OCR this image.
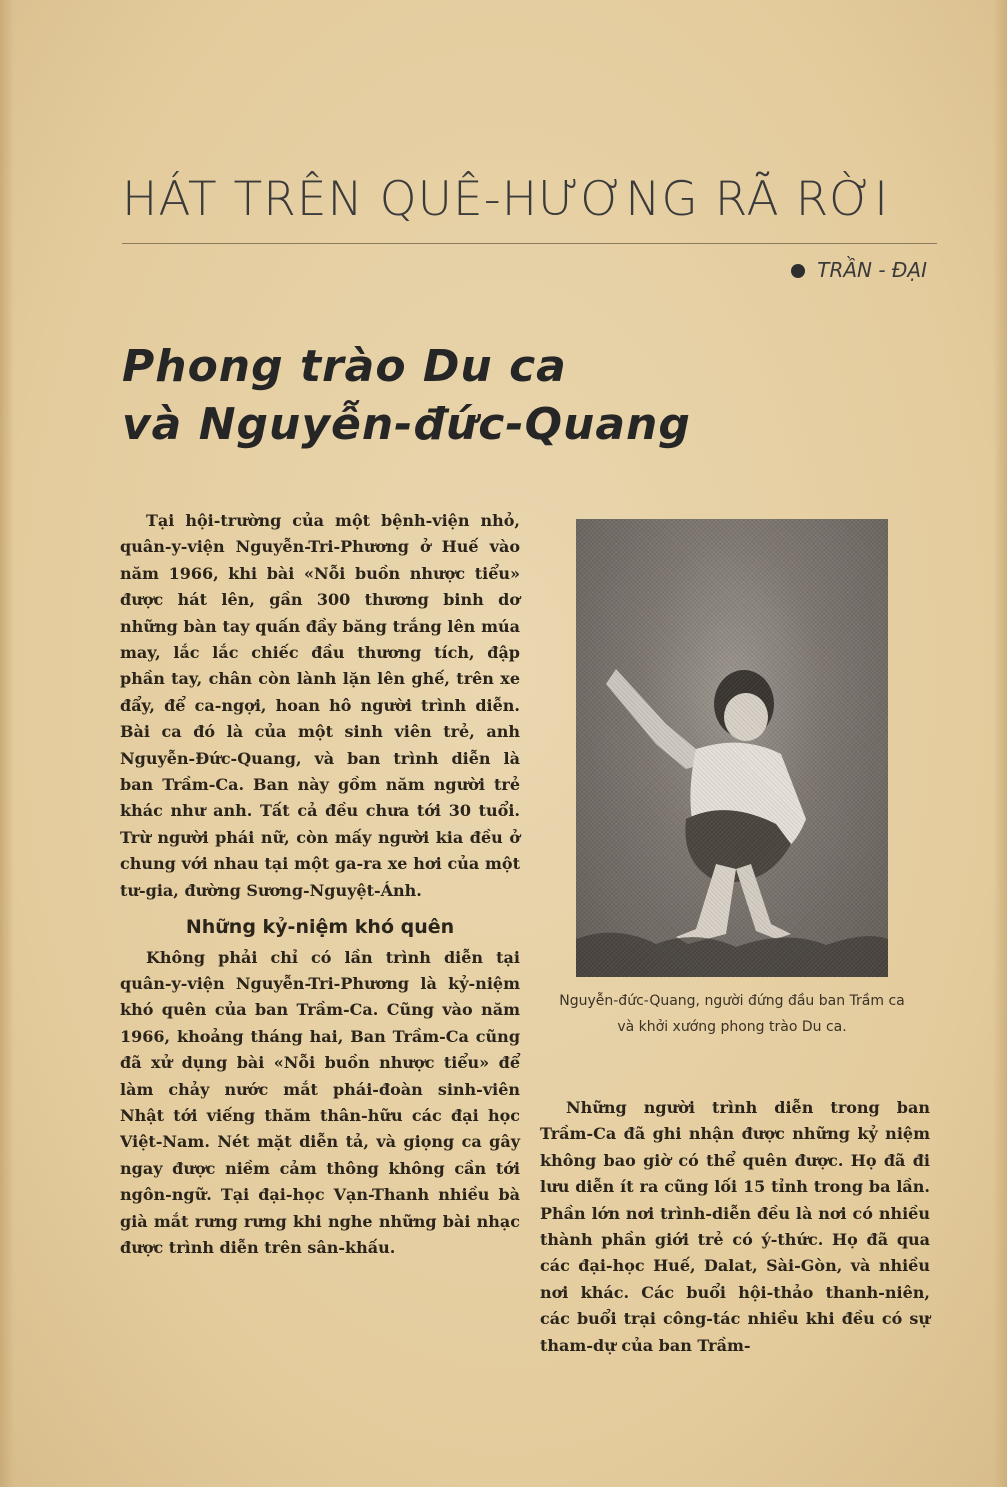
HÁT TRÊN QUÊ-HƯƠNG RÃ RỜI
TRẦN - ĐẠI
Phong trào Du ca
và Nguyễn-đức-Quang

Tại hội-trường của một bệnh-viện nhỏ, quân-y-viện Nguyễn-Tri-Phương ở Huế vào năm 1966, khi bài «Nỗi buồn nhược tiểu» được hát lên, gần 300 thương binh dơ những bàn tay quấn đầy băng trắng lên múa may, lắc lắc chiếc đầu thương tích, đập phần tay, chân còn lành lặn lên ghế, trên xe đẩy, để ca-ngợi, hoan hô người trình diễn. Bài ca đó là của một sinh viên trẻ, anh Nguyễn-Đức-Quang, và ban trình diễn là ban Trầm-Ca. Ban này gồm năm người trẻ khác như anh. Tất cả đều chưa tới 30 tuổi. Trừ người phái nữ, còn mấy người kia đều ở chung với nhau tại một ga-ra xe hơi của một tư-gia, đường Sương-Nguyệt-Ánh.

Những kỷ-niệm khó quên

Không phải chỉ có lần trình diễn tại quân-y-viện Nguyễn-Tri-Phương là kỷ-niệm khó quên của ban Trầm-Ca. Cũng vào năm 1966, khoảng tháng hai, Ban Trầm-Ca cũng đã xử dụng bài «Nỗi buồn nhược tiểu» để làm chảy nước mắt phái-đoàn sinh-viên Nhật tới viếng thăm thân-hữu các đại học Việt-Nam. Nét mặt diễn tả, và giọng ca gây ngay được niềm cảm thông không cần tới ngôn-ngữ. Tại đại-học Vạn-Thanh nhiều bà già mắt rưng rưng khi nghe những bài nhạc được trình diễn trên sân-khấu.

Nguyễn-đức-Quang, người đứng đầu ban Trầm ca và khởi xướng phong trào Du ca.

Những người trình diễn trong ban Trầm-Ca đã ghi nhận được những kỷ niệm không bao giờ có thể quên được. Họ đã đi lưu diễn ít ra cũng lối 15 tỉnh trong ba lần. Phần lớn nơi trình-diễn đều là nơi có nhiều thành phần giới trẻ có ý-thức. Họ đã qua các đại-học Huế, Dalat, Sài-Gòn, và nhiều nơi khác. Các buổi hội-thảo thanh-niên, các buổi trại công-tác nhiều khi đều có sự tham-dự của ban Trầm-
